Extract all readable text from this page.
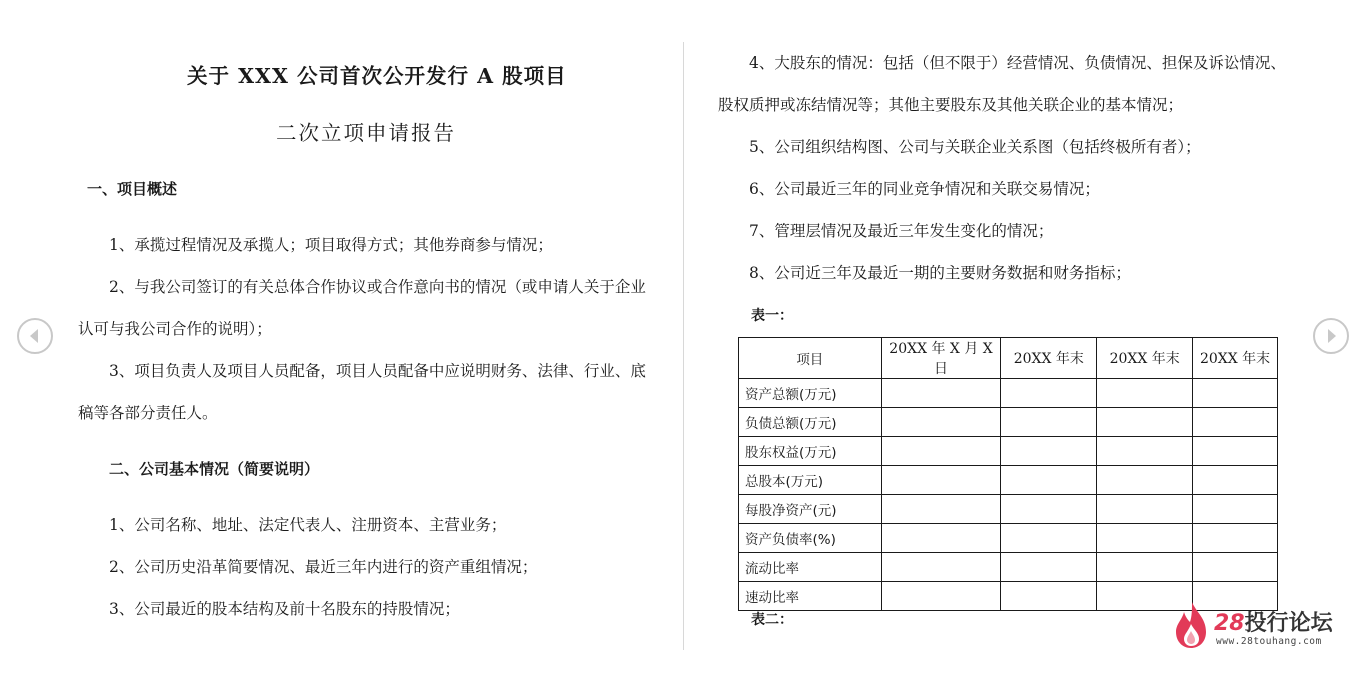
关于 XXX 公司首次公开发行 A 股项目
二次立项申请报告
一、项目概述
1、承揽过程情况及承揽人；项目取得方式；其他券商参与情况；
2、与我公司签订的有关总体合作协议或合作意向书的情况（或申请人关于企业
认可与我公司合作的说明）；
3、项目负责人及项目人员配备，项目人员配备中应说明财务、法律、行业、底
稿等各部分责任人。
二、公司基本情况（简要说明）
1、公司名称、地址、法定代表人、注册资本、主营业务；
2、公司历史沿革简要情况、最近三年内进行的资产重组情况；
3、公司最近的股本结构及前十名股东的持股情况；
4、大股东的情况：包括（但不限于）经营情况、负债情况、担保及诉讼情况、
股权质押或冻结情况等；其他主要股东及其他关联企业的基本情况；
5、公司组织结构图、公司与关联企业关系图（包括终极所有者）；
6、公司最近三年的同业竞争情况和关联交易情况；
7、管理层情况及最近三年发生变化的情况；
8、公司近三年及最近一期的主要财务数据和财务指标；
表一：
项目	20XX 年 X 月 X 日	20XX 年末	20XX 年末	20XX 年末
资产总额(万元)				
负债总额(万元)				
股东权益(万元)				
总股本(万元)				
每股净资产(元)				
资产负债率(%)				
流动比率				
速动比率				
表二：	28投行论坛
www.28touhang.com
